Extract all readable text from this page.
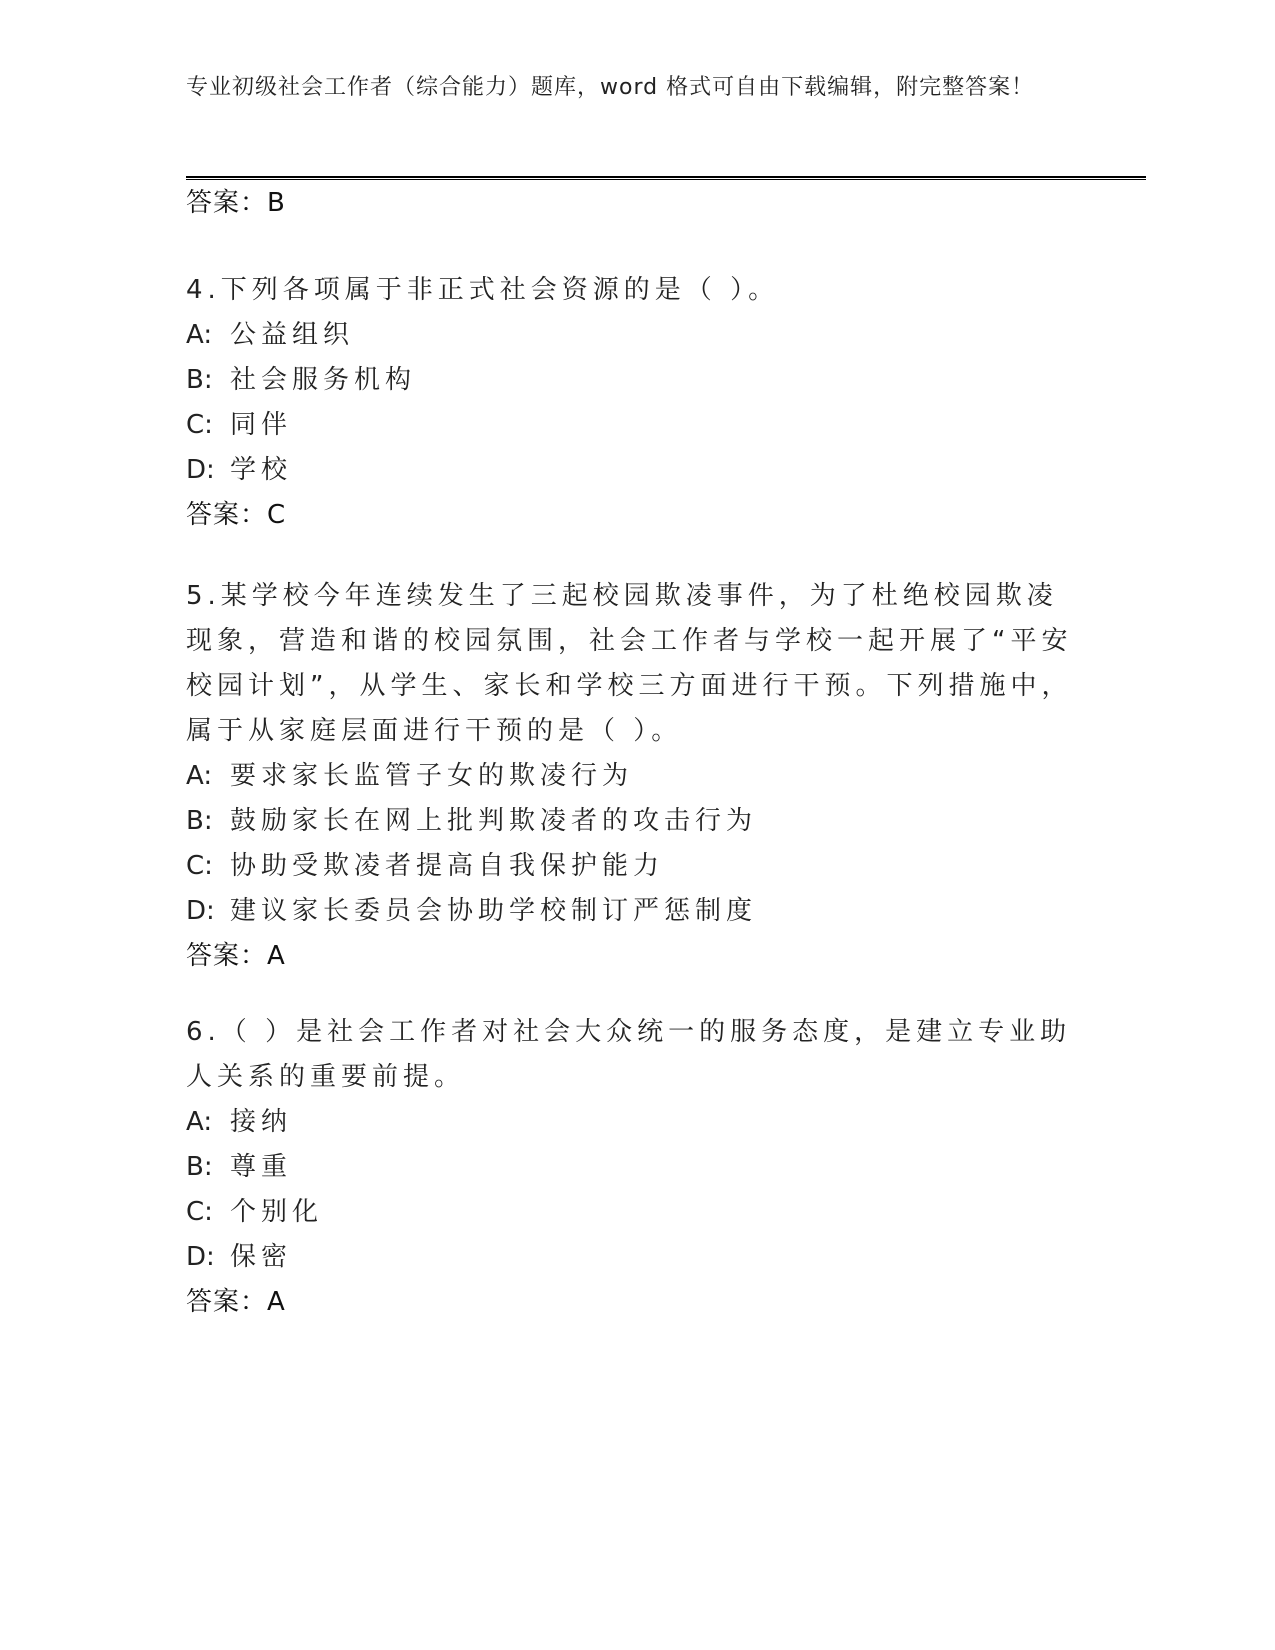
专业初级社会工作者（综合能力）题库，word 格式可自由下载编辑，附完整答案！
答案：B

4.下列各项属于非正式社会资源的是（ ）。

A: 公益组织

B: 社会服务机构

C: 同伴

D: 学校

答案：C

5.某学校今年连续发生了三起校园欺凌事件，为了杜绝校园欺凌现象，营造和谐的校园氛围，社会工作者与学校一起开展了“平安校园计划”，从学生、家长和学校三方面进行干预。下列措施中，属于从家庭层面进行干预的是（ ）。

A: 要求家长监管子女的欺凌行为

B: 鼓励家长在网上批判欺凌者的攻击行为

C: 协助受欺凌者提高自我保护能力

D: 建议家长委员会协助学校制订严惩制度

答案：A

6.（ ）是社会工作者对社会大众统一的服务态度，是建立专业助人关系的重要前提。

A: 接纳

B: 尊重

C: 个别化

D: 保密

答案：A
